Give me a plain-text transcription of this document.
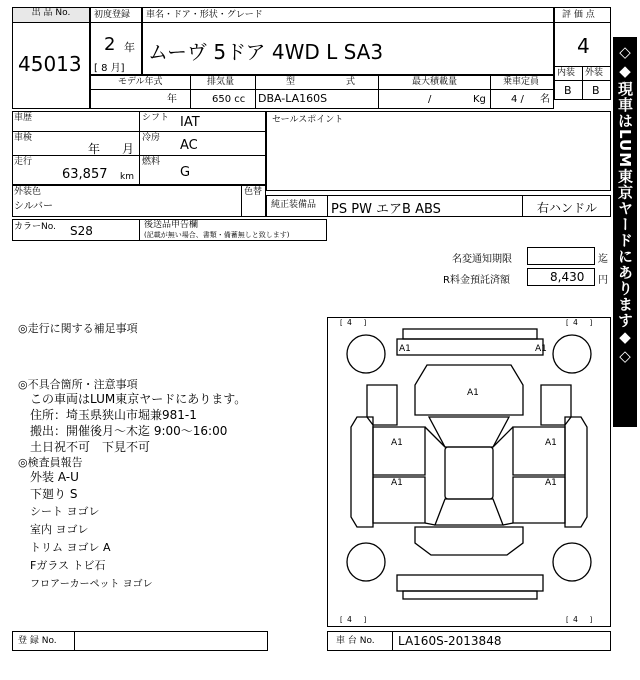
出 品 No.
45013
初度登録
2 年
[ 8 月]
車名・ドア・形状・グレード
ムーヴ 5ドア 4WD L SA3
評 価 点
4
内装 外装
B B
モデル年式
年
排気量
650 cc
型	式
DBA-LA160S
最大積載量
/	Kg
乗車定員
4 / 名
車歴	シフト IAT
車検
年 月
冷房 AC
走行
63,857 km
燃料
G
セールスポイント
外装色
シルバー
色替
純正装備品 PS PW エアB ABS	右ハンドル
カラーNo. S28	後送品申告欄
(記載が無い場合、書類・備蓄無しと致します)
名変通知期限	迄
R料金預託済額	8,430 円
◎走行に関する補足事項
◎不具合箇所・注意事項
この車両はLUM東京ヤードにあります。
住所：埼玉県狭山市堀兼981-1
搬出：開催後月～木迄 9:00～16:00
土日祝不可　下見不可
◎検査員報告
外装 A-U
下廻り S
シート ヨゴレ
室内 ヨゴレ
トリム ヨゴレ A
Fガラス トビ石
フロアーカーペット ヨゴレ
4	4
4	4
[	]	[	]
[	]	[	]
A1	A1
A1
A1	A1
A1	A1
登 録 No.	車 台 No. LA160S-2013848
◇◆現車はLUM東京ヤードにあります◆◇
